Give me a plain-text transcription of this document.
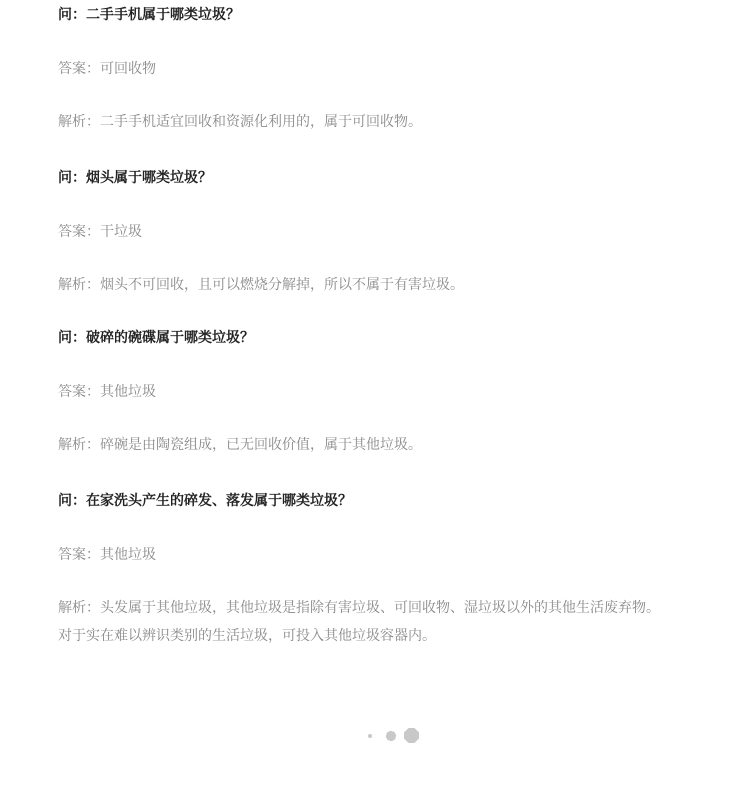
问：二手手机属于哪类垃圾？

答案：可回收物

解析：二手手机适宜回收和资源化利用的，属于可回收物。

问：烟头属于哪类垃圾？

答案：干垃圾

解析：烟头不可回收，且可以燃烧分解掉，所以不属于有害垃圾。

问：破碎的碗碟属于哪类垃圾？

答案：其他垃圾

解析：碎碗是由陶瓷组成，已无回收价值，属于其他垃圾。

问：在家洗头产生的碎发、落发属于哪类垃圾？

答案：其他垃圾

解析：头发属于其他垃圾，其他垃圾是指除有害垃圾、可回收物、湿垃圾以外的其他生活废弃物。

对于实在难以辨识类别的生活垃圾，可投入其他垃圾容器内。
